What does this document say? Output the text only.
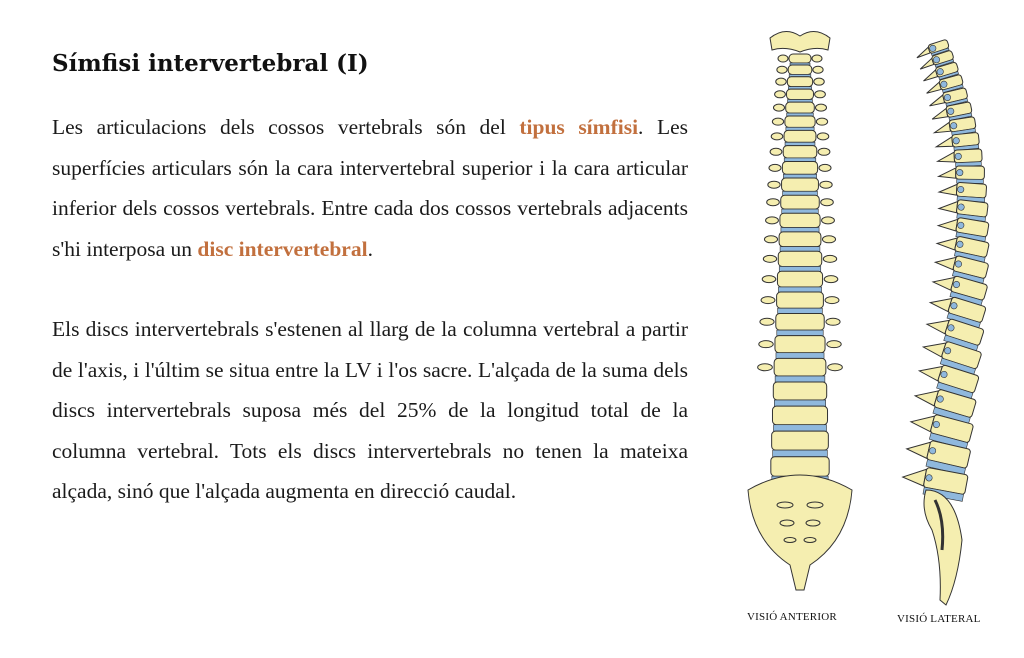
Símfisi intervertebral (I)

Les articulacions dels cossos vertebrals són del tipus símfisi. Les superfícies articulars són la cara intervertebral superior i la cara articular inferior dels cossos vertebrals. Entre cada dos cossos vertebrals adjacents s'hi interposa un disc intervertebral.

Els discs intervertebrals s'estenen al llarg de la columna vertebral a partir de l'axis, i l'últim se situa entre la LV i l'os sacre. L'alçada de la suma dels discs intervertebrals suposa més del 25% de la longitud total de la columna vertebral. Tots els discs intervertebrals no tenen la mateixa alçada, sinó que l'alçada augmenta en direcció caudal.

VISIÓ ANTERIOR	VISIÓ LATERAL
